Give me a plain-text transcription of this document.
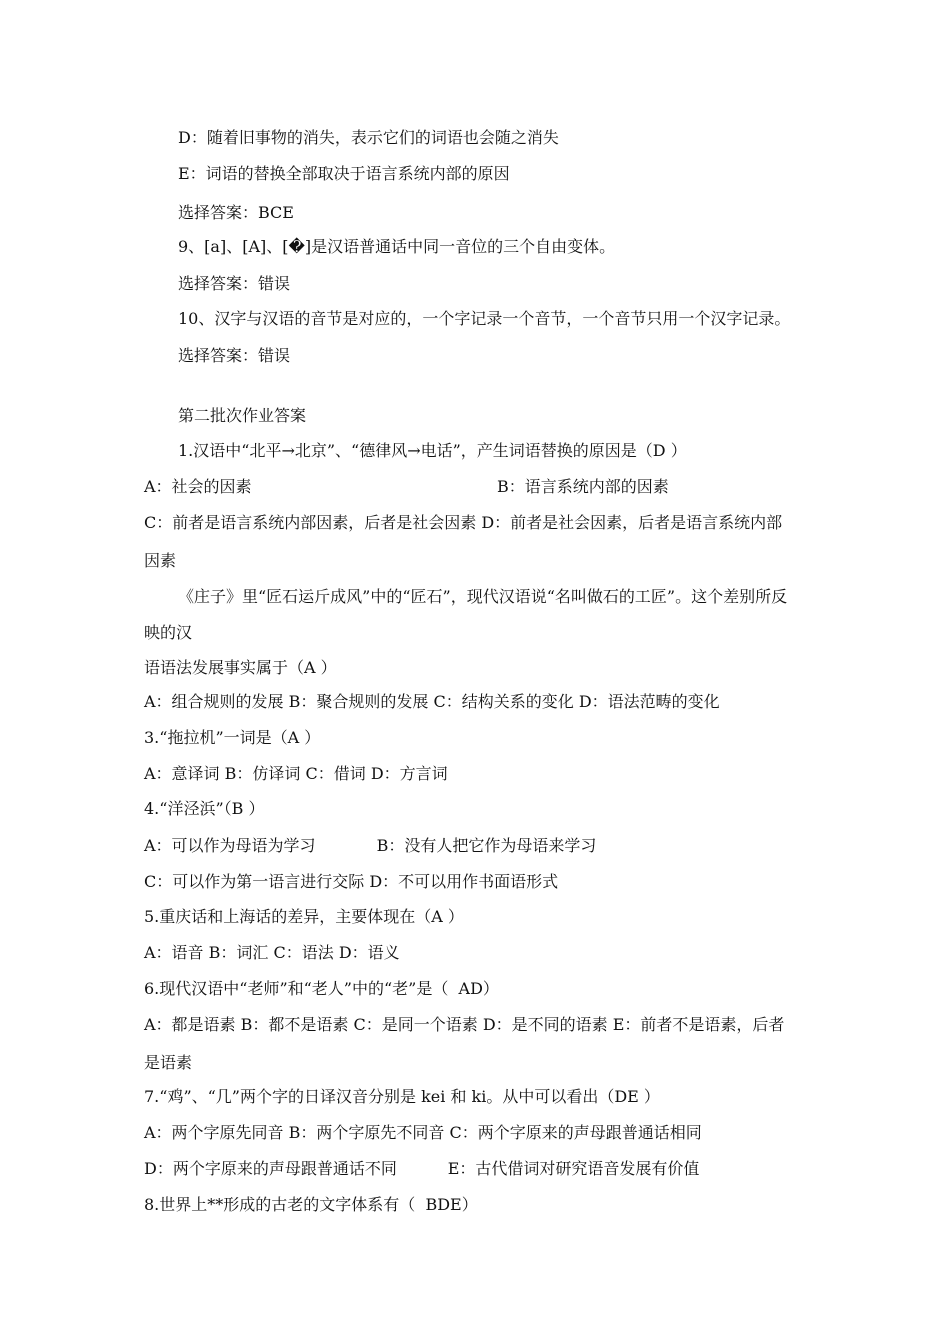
D：随着旧事物的消失，表示它们的词语也会随之消失
E：词语的替换全部取决于语言系统内部的原因
选择答案：BCE
9、[a]、[A]、[�]是汉语普通话中同一音位的三个自由变体。
选择答案：错误
10、汉字与汉语的音节是对应的，一个字记录一个音节，一个音节只用一个汉字记录。
选择答案：错误
第二批次作业答案
1.汉语中“北平→北京”、“德律风→电话”，产生词语替换的原因是（D ）
A：社会的因素	B：语言系统内部的因素
C：前者是语言系统内部因素，后者是社会因素 D：前者是社会因素，后者是语言系统内部
因素
《庄子》里“匠石运斤成风”中的“匠石”，现代汉语说“名叫做石的工匠”。这个差别所反
映的汉
语语法发展事实属于（A ）
A：组合规则的发展 B：聚合规则的发展 C：结构关系的变化 D：语法范畴的变化
3.“拖拉机”一词是（A ）
A：意译词 B：仿译词 C：借词 D：方言词
4.“洋泾浜”（B ）
A：可以作为母语为学习            B：没有人把它作为母语来学习
C：可以作为第一语言进行交际 D：不可以用作书面语形式
5.重庆话和上海话的差异，主要体现在（A ）
A：语音 B：词汇 C：语法 D：语义
6.现代汉语中“老师”和“老人”中的“老”是（  AD）
A：都是语素 B：都不是语素 C：是同一个语素 D：是不同的语素 E：前者不是语素，后者
是语素
7.“鸡”、“几”两个字的日译汉音分别是 kei 和 ki。从中可以看出（DE ）
A：两个字原先同音 B：两个字原先不同音 C：两个字原来的声母跟普通话相同
D：两个字原来的声母跟普通话不同          E：古代借词对研究语音发展有价值
8.世界上**形成的古老的文字体系有（  BDE）
